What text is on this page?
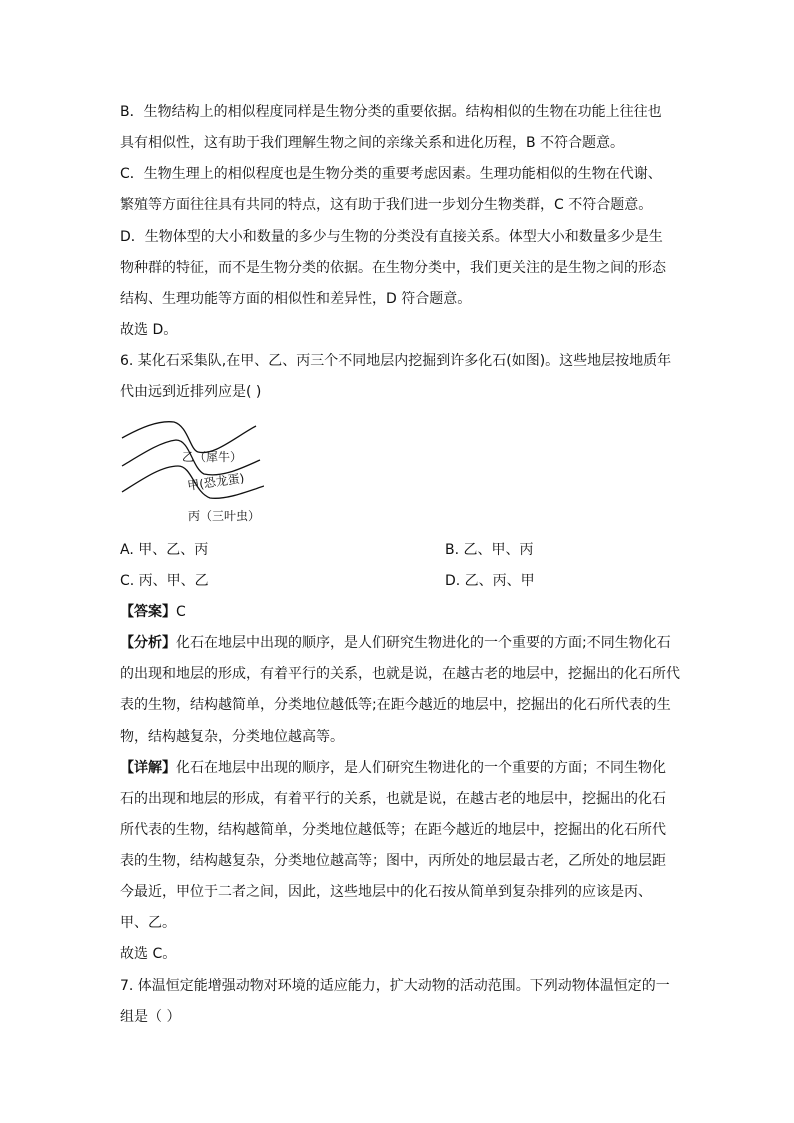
B．生物结构上的相似程度同样是生物分类的重要依据。结构相似的生物在功能上往往也
具有相似性，这有助于我们理解生物之间的亲缘关系和进化历程，B 不符合题意。
C．生物生理上的相似程度也是生物分类的重要考虑因素。生理功能相似的生物在代谢、
繁殖等方面往往具有共同的特点，这有助于我们进一步划分生物类群，C 不符合题意。
D．生物体型的大小和数量的多少与生物的分类没有直接关系。体型大小和数量多少是生
物种群的特征，而不是生物分类的依据。在生物分类中，我们更关注的是生物之间的形态
结构、生理功能等方面的相似性和差异性，D 符合题意。
故选 D。
6. 某化石采集队,在甲、乙、丙三个不同地层内挖掘到许多化石(如图)。这些地层按地质年
代由远到近排列应是( )
乙（犀牛）
甲(恐龙蛋)
丙（三叶虫）
A. 甲、乙、丙	B. 乙、甲、丙
C. 丙、甲、乙	D. 乙、丙、甲
【答案】C
【分析】化石在地层中出现的顺序，是人们研究生物进化的一个重要的方面;不同生物化石
的出现和地层的形成，有着平行的关系，也就是说，在越古老的地层中，挖掘出的化石所代
表的生物，结构越简单，分类地位越低等;在距今越近的地层中，挖掘出的化石所代表的生
物，结构越复杂，分类地位越高等。
【详解】化石在地层中出现的顺序，是人们研究生物进化的一个重要的方面；不同生物化
石的出现和地层的形成，有着平行的关系，也就是说，在越古老的地层中，挖掘出的化石
所代表的生物，结构越简单，分类地位越低等；在距今越近的地层中，挖掘出的化石所代
表的生物，结构越复杂，分类地位越高等；图中，丙所处的地层最古老，乙所处的地层距
今最近，甲位于二者之间，因此，这些地层中的化石按从简单到复杂排列的应该是丙、
甲、乙。
故选 C。
7. 体温恒定能增强动物对环境的适应能力，扩大动物的活动范围。下列动物体温恒定的一
组是（ ）
